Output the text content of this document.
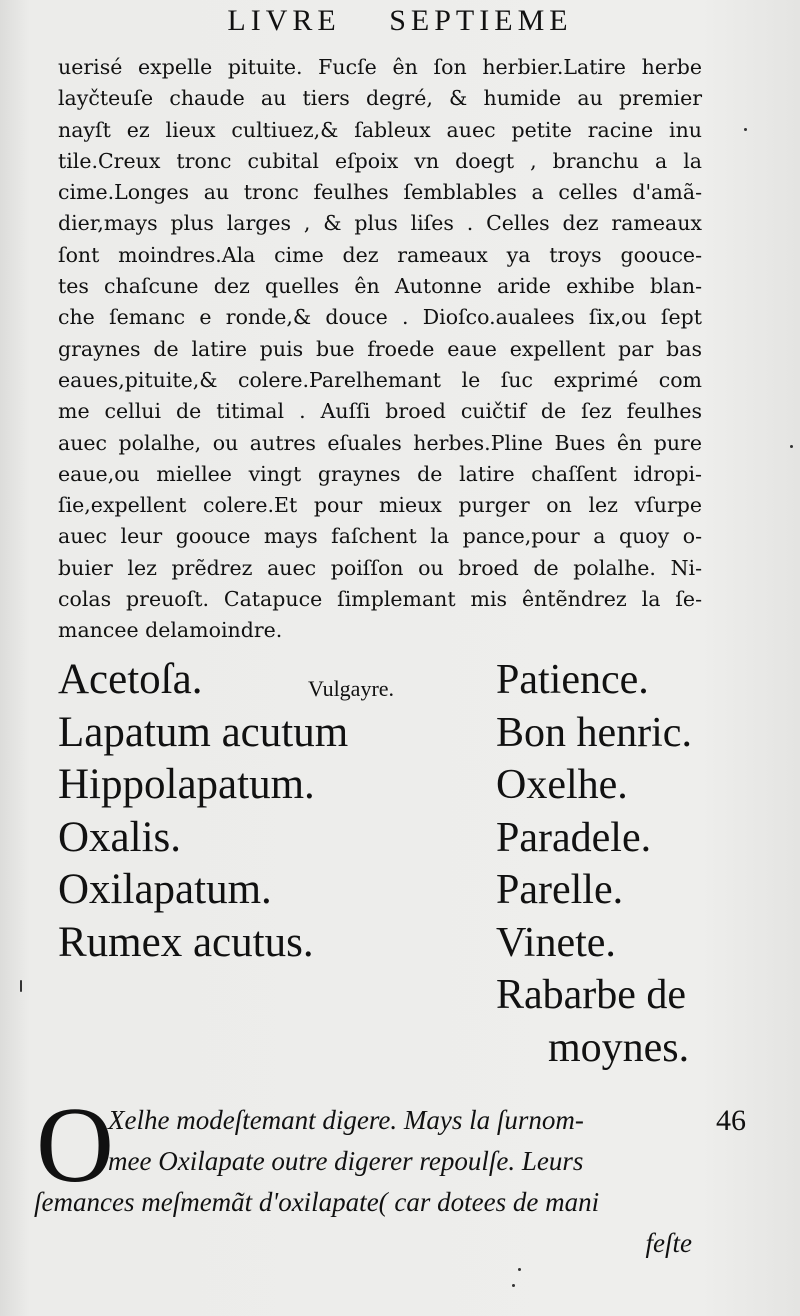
LIVRE SEPTIEME
uerisé expelle pituite. Fucſe ên ſon herbier.Latire herbe
layčteuſe chaude au tiers degré, & humide au premier
nayſt ez lieux cultiuez,& ſableux auec petite racine inu
tile.Creux tronc cubital eſpoix vn doegt , branchu a la
cime.Longes au tronc feulhes ſemblables a celles d'amã-
dier,mays plus larges , & plus liſes . Celles dez rameaux
ſont moindres.Ala cime dez rameaux ya troys goouce-
tes chaſcune dez quelles ên Autonne aride exhibe blan-
che ſemanc e ronde,& douce . Dioſco.aualees ſix,ou ſept
graynes de latire puis bue froede eaue expellent par bas
eaues,pituite,& colere.Parelhemant le ſuc exprimé com
me cellui de titimal . Auſſi broed cuičtif de ſez feulhes
auec polalhe, ou autres eſuales herbes.Pline Bues ên pure
eaue,ou miellee vingt graynes de latire chaſſent idropi-
ſie,expellent colere.Et pour mieux purger on lez vſurpe
auec leur goouce mays faſchent la pance,pour a quoy o-
buier lez prẽdrez auec poiſſon ou broed de polalhe. Ni-
colas preuoſt. Catapuce ſimplemant mis êntẽndrez la ſe-
mancee delamoindre.
Acetoſa.
Lapatum acutum
Hippolapatum.
Oxalis.
Oxilapatum.
Rumex acutus.
Vulgayre. Patience.
Bon henric.
Oxelhe.
Paradele.
Parelle.
Vinete.
Rabarbe de
moynes.
O
Xelhe modeſtemant digere. Mays la ſurnom-
mee Oxilapate outre digerer repoulſe. Leurs
ſemances meſmemãt d'oxilapate( car dotees de mani
feſte
46
